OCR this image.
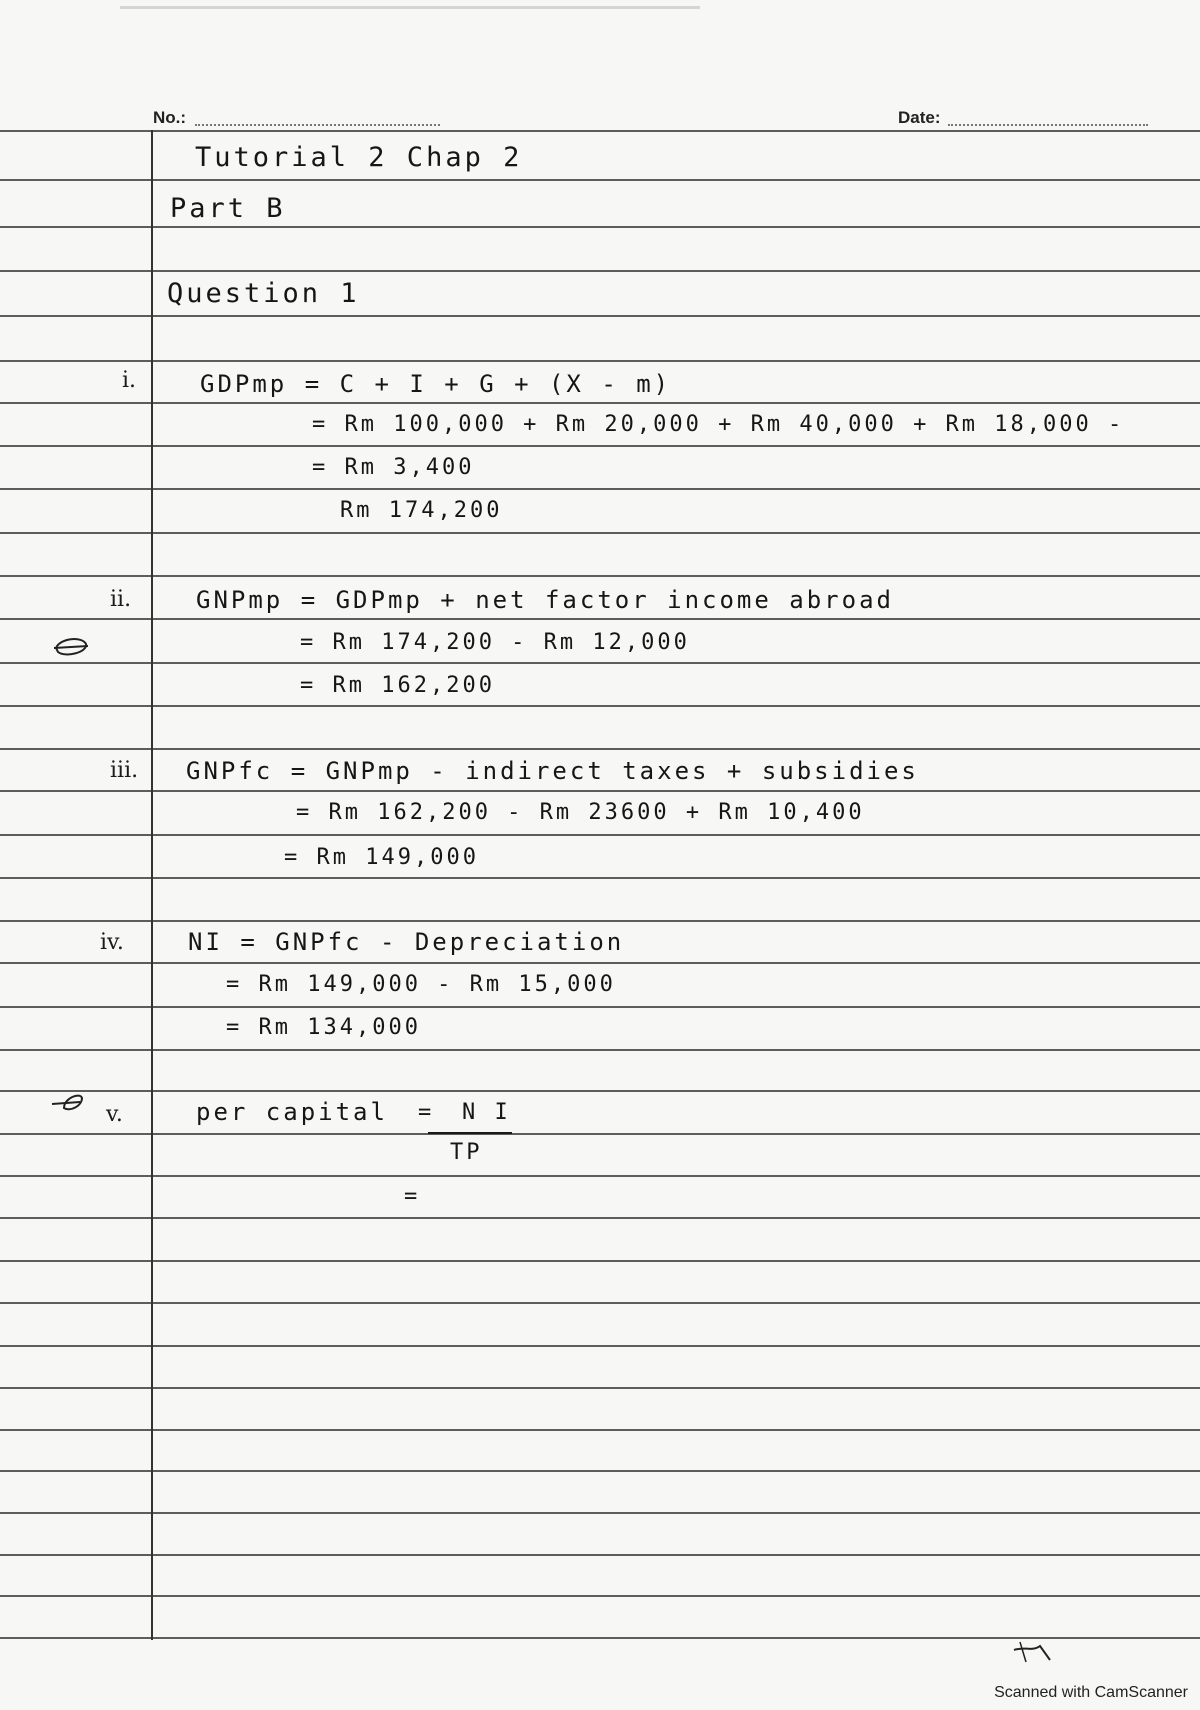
No.:	Date:
Tutorial 2 Chap 2
Part B
Question 1
i.	GDPmp = C + I + G + (X - m)
= Rm 100,000 + Rm 20,000 + Rm 40,000 + Rm 18,000 -
= Rm 3,400
Rm 174,200
ii.	GNPmp = GDPmp + net factor income abroad
= Rm 174,200 - Rm 12,000
= Rm 162,200
iii. GNPfc = GNPmp - indirect taxes + subsidies
= Rm 162,200 - Rm 23600 + Rm 10,400
= Rm 149,000
iv.	NI = GNPfc - Depreciation
= Rm 149,000 - Rm 15,000
= Rm 134,000
v.	per capital = N I
TP
=
Scanned with CamScanner
